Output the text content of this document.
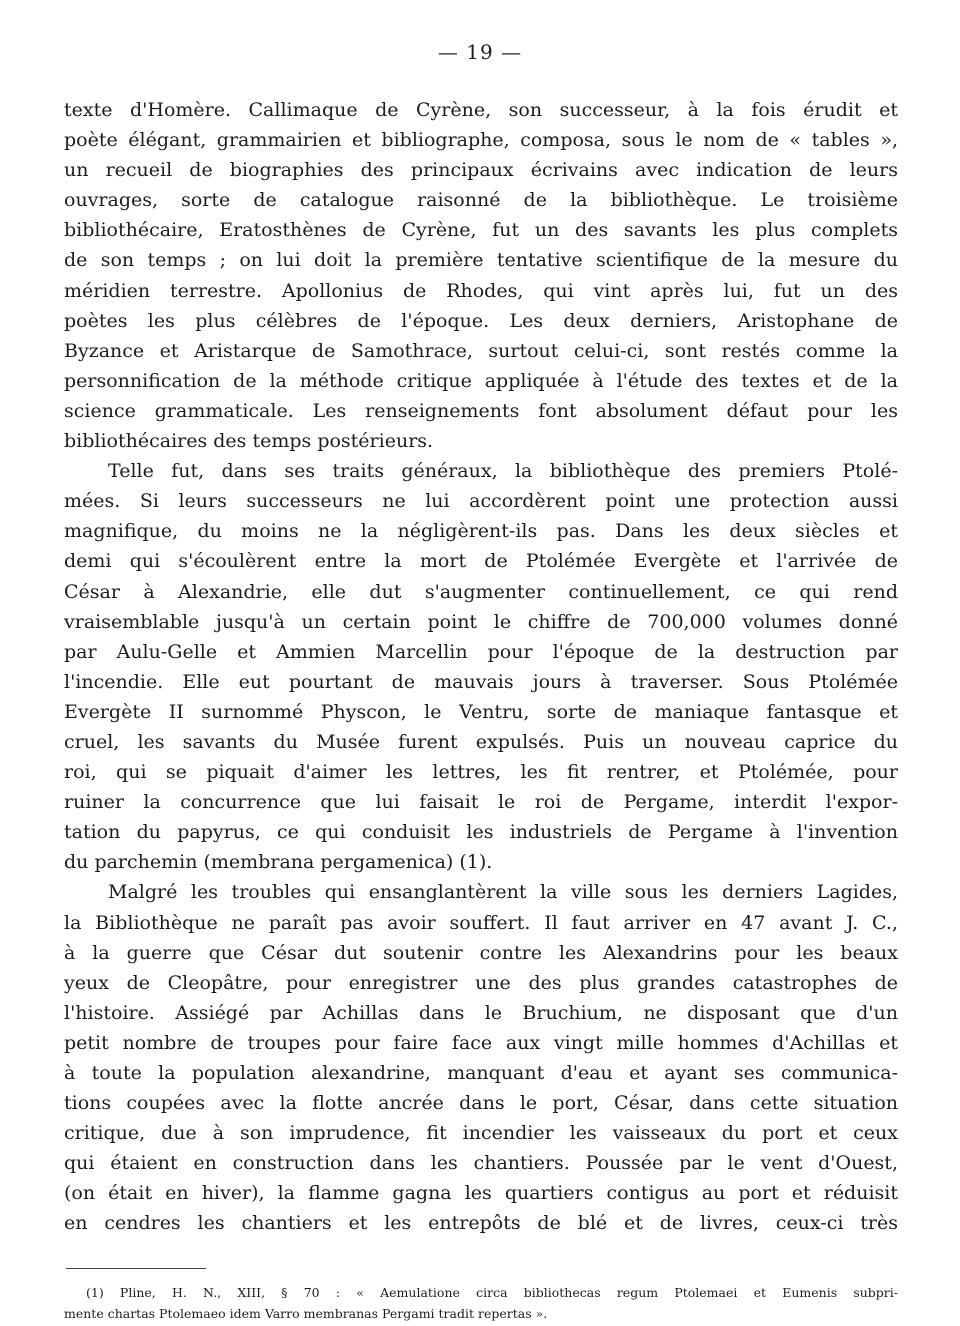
— 19 —
texte d'Homère. Callimaque de Cyrène, son successeur, à la fois érudit et
poète élégant, grammairien et bibliographe, composa, sous le nom de « tables »,
un recueil de biographies des principaux écrivains avec indication de leurs
ouvrages, sorte de catalogue raisonné de la bibliothèque. Le troisième
bibliothécaire, Eratosthènes de Cyrène, fut un des savants les plus complets
de son temps ; on lui doit la première tentative scientifique de la mesure du
méridien terrestre. Apollonius de Rhodes, qui vint après lui, fut un des
poètes les plus célèbres de l'époque. Les deux derniers, Aristophane de
Byzance et Aristarque de Samothrace, surtout celui-ci, sont restés comme la
personnification de la méthode critique appliquée à l'étude des textes et de la
science grammaticale. Les renseignements font absolument défaut pour les
bibliothécaires des temps postérieurs.
Telle fut, dans ses traits généraux, la bibliothèque des premiers Ptolé-
mées. Si leurs successeurs ne lui accordèrent point une protection aussi
magnifique, du moins ne la négligèrent-ils pas. Dans les deux siècles et
demi qui s'écoulèrent entre la mort de Ptolémée Evergète et l'arrivée de
César à Alexandrie, elle dut s'augmenter continuellement, ce qui rend
vraisemblable jusqu'à un certain point le chiffre de 700,000 volumes donné
par Aulu-Gelle et Ammien Marcellin pour l'époque de la destruction par
l'incendie. Elle eut pourtant de mauvais jours à traverser. Sous Ptolémée
Evergète II surnommé Physcon, le Ventru, sorte de maniaque fantasque et
cruel, les savants du Musée furent expulsés. Puis un nouveau caprice du
roi, qui se piquait d'aimer les lettres, les fit rentrer, et Ptolémée, pour
ruiner la concurrence que lui faisait le roi de Pergame, interdit l'expor-
tation du papyrus, ce qui conduisit les industriels de Pergame à l'invention
du parchemin (membrana pergamenica) (1).
Malgré les troubles qui ensanglantèrent la ville sous les derniers Lagides,
la Bibliothèque ne paraît pas avoir souffert. Il faut arriver en 47 avant J. C.,
à la guerre que César dut soutenir contre les Alexandrins pour les beaux
yeux de Cleopâtre, pour enregistrer une des plus grandes catastrophes de
l'histoire. Assiégé par Achillas dans le Bruchium, ne disposant que d'un
petit nombre de troupes pour faire face aux vingt mille hommes d'Achillas et
à toute la population alexandrine, manquant d'eau et ayant ses communica-
tions coupées avec la flotte ancrée dans le port, César, dans cette situation
critique, due à son imprudence, fit incendier les vaisseaux du port et ceux
qui étaient en construction dans les chantiers. Poussée par le vent d'Ouest,
(on était en hiver), la flamme gagna les quartiers contigus au port et réduisit
en cendres les chantiers et les entrepôts de blé et de livres, ceux-ci très
(1) Pline, H. N., XIII, § 70 : « Aemulatione circa bibliothecas regum Ptolemaei et Eumenis subpri-
mente chartas Ptolemaeo idem Varro membranas Pergami tradit repertas ».
